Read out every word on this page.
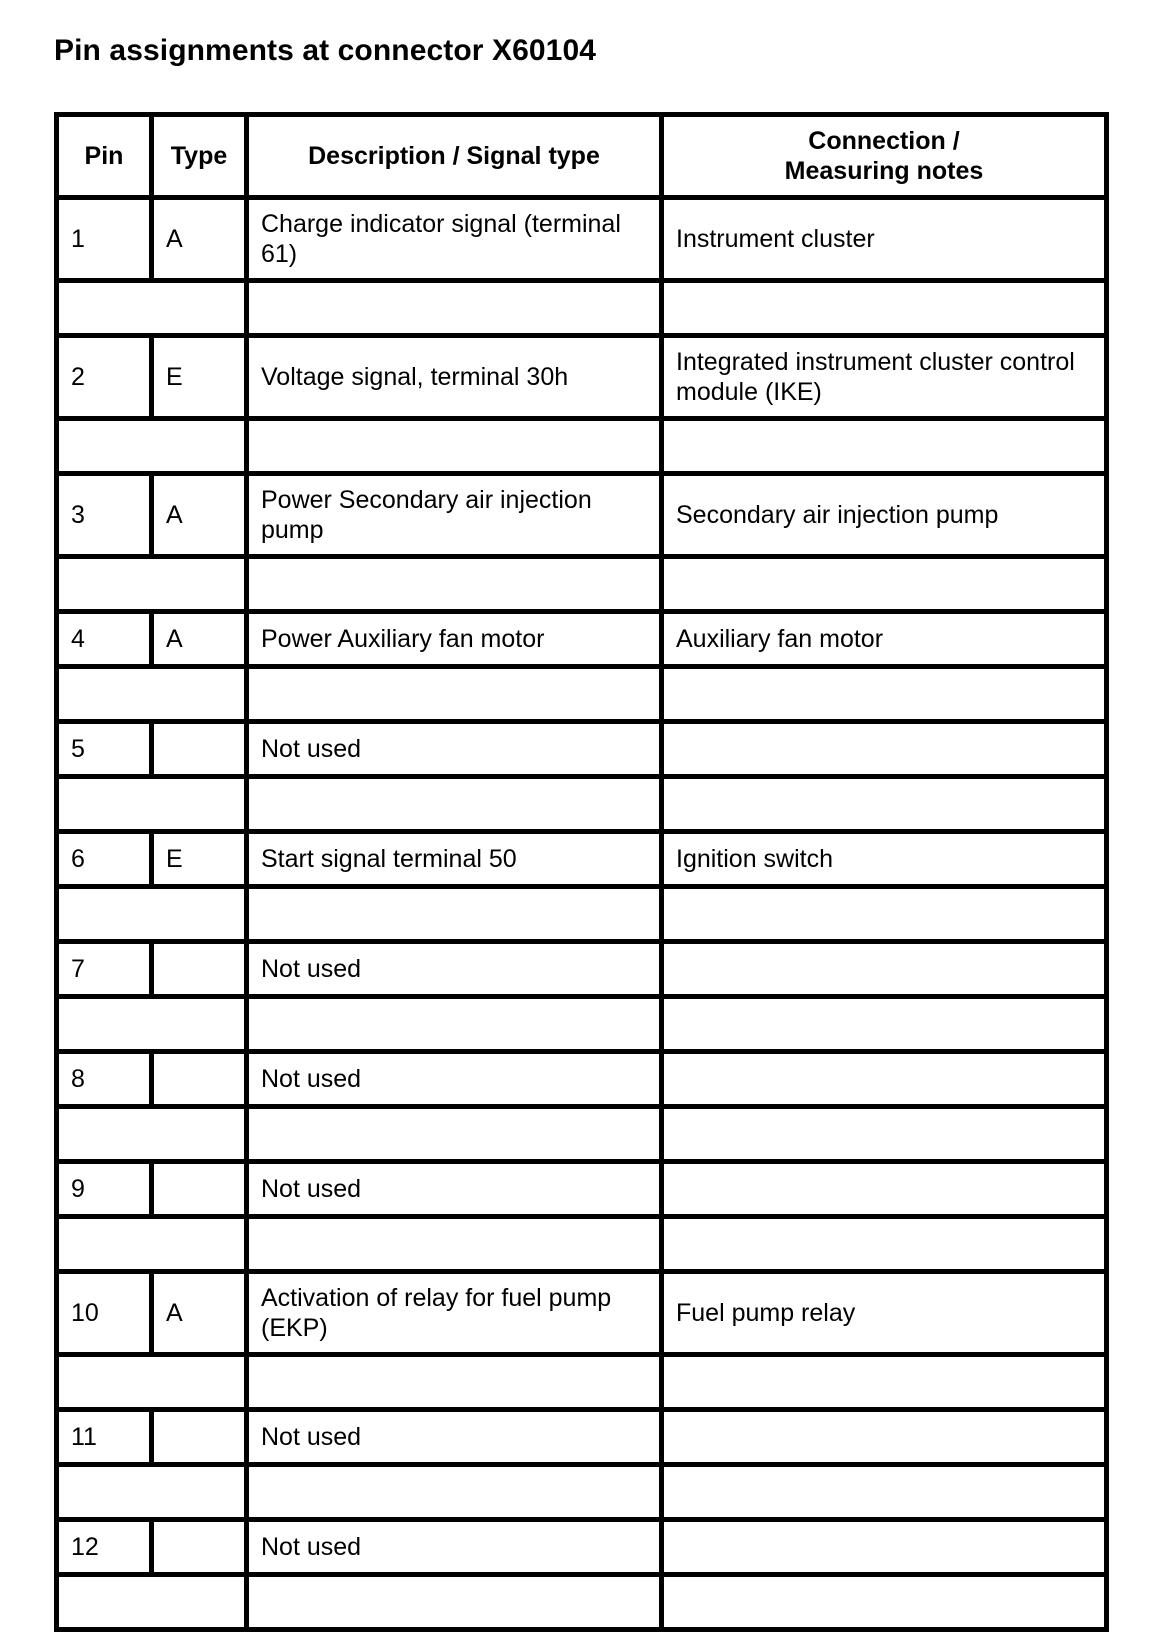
Pin assignments at connector X60104
Pin	Type	Description / Signal type	Connection /
Measuring notes
1	A	Charge indicator signal (terminal 61)	Instrument cluster

2	E	Voltage signal, terminal 30h	Integrated instrument cluster control module (IKE)

3	A	Power Secondary air injection pump	Secondary air injection pump

4	A	Power Auxiliary fan motor	Auxiliary fan motor

5		Not used	

6	E	Start signal terminal 50	Ignition switch

7		Not used	

8		Not used	

9		Not used	

10	A	Activation of relay for fuel pump (EKP)	Fuel pump relay

11		Not used	

12		Not used	
